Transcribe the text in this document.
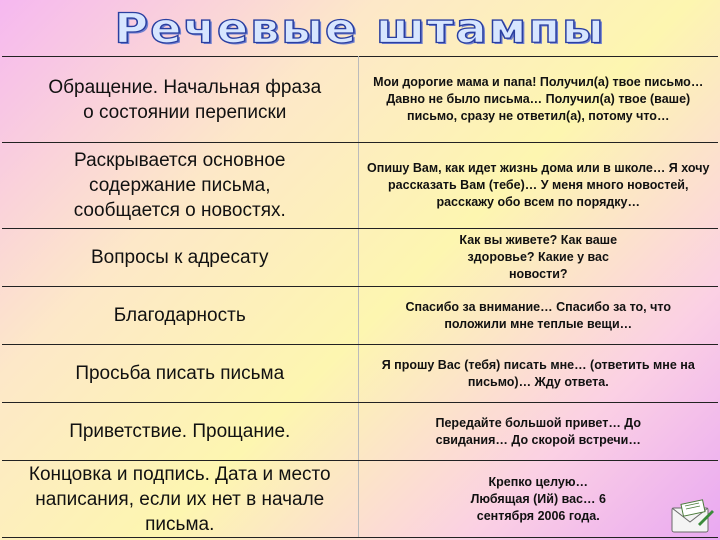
Речевые штампы
Обращение. Начальная фраза о состоянии переписки	Мои дорогие мама и папа! Получил(а) твое письмо… Давно не было письма… Получил(а) твое (ваше) письмо, сразу не ответил(а), потому что…
Раскрывается основное содержание письма, сообщается о новостях.	Опишу Вам, как идет жизнь дома или в школе… Я хочу рассказать Вам (тебе)… У меня много новостей, расскажу обо всем по порядку…
Вопросы к адресату	Как вы живете? Как ваше здоровье? Какие у вас новости?
Благодарность	Спасибо за внимание… Спасибо за то, что положили мне теплые вещи…
Просьба писать письма	Я прошу Вас (тебя) писать мне… (ответить мне на письмо)… Жду ответа.
Приветствие. Прощание.	Передайте большой привет… До свидания… До скорой встречи…
Концовка и подпись. Дата и место написания, если их нет в начале письма.	Крепко целую… Любящая (Ий) вас… 6 сентября 2006 года.
